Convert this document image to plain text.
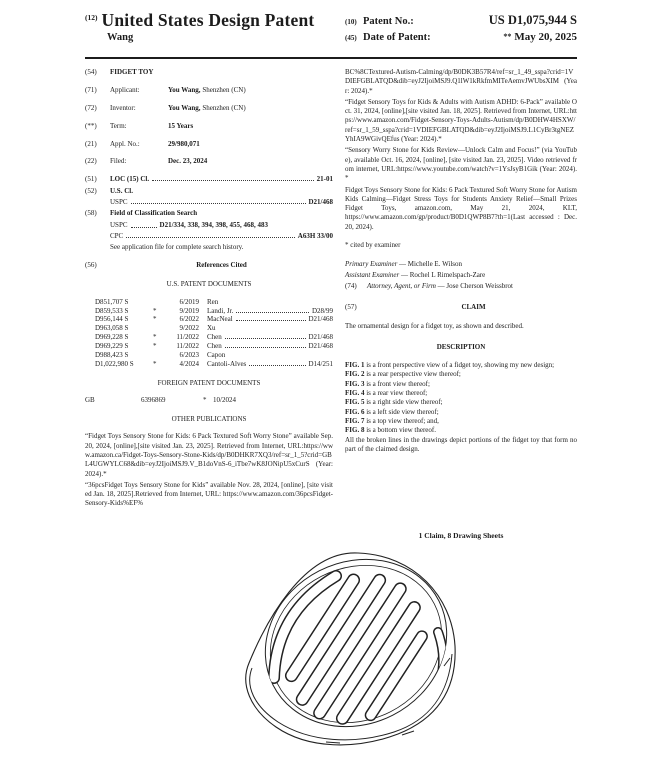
$^{(12)}$ United States Design Patent
Wang
(10) Patent No.:	US D1,075,944 S
(45) Date of Patent:	** May 20, 2025
(54)	FIDGET TOY
(71)	Applicant:	You Wang, Shenzhen (CN)
(72)	Inventor:	You Wang, Shenzhen (CN)
(**)	Term:	15 Years
(21)	Appl. No.:	29/980,071
(22)	Filed:	Dec. 23, 2024
(51)	LOC (15) Cl.	21-01
(52)	U.S. Cl.
USPC	D21/468
(58)	Field of Classification Search
USPC	D21/334, 338, 394, 398, 455, 468, 483
CPC	A63H 33/00
See application file for complete search history.
(56)	References Cited
U.S. PATENT DOCUMENTS
D851,707 S	6/2019 Ren
D859,533 S	*	9/2019 Landi, Jr.	D28/99
D956,144 S	*	6/2022 MacNeal	D21/468
D963,058 S	9/2022 Xu
D969,228 S	*	11/2022 Chen	D21/468
D969,229 S	*	11/2022 Chen	D21/468
D988,423 S	6/2023 Capon
D1,022,980 S	*	4/2024 Cantoli-Alves	D14/251
FOREIGN PATENT DOCUMENTS
GB	6396869	* 10/2024
OTHER PUBLICATIONS
“Fidget Toys Sensory Stone for Kids: 6 Pack Textured Soft Worry Stone” available Sep. 20, 2024, [online],[site visited Jan. 23, 2025]. Retrieved from Internet, URL:https://www.amazon.ca/Fidget-Toys-Sensory-Stone-Kids/dp/B0DHKR7XQ3/ref=sr_1_5?crid=GBL4UGWYLC68&dib=eyJ2IjoiMSJ9.V_B1doVnS-6_iTbe7wK8JONipU5xCurS (Year: 2024).*
“36pcsFidget Toys Sensory Stone for Kids” available Nov. 28, 2024, [online], [site visited Jan. 18, 2025].Retrieved from Internet, URL: https://www.amazon.com/36pcsFidget-Sensory-Kids%EF%
BC%8CTextured-Autism-Calming/dp/B0DK3B57R4/ref=sr_1_49_sspa?crid=1VDIEFGBLATQD&dib=eyJ2IjoiMSJ9.Q1lW1kRkfmMITeAemvJWUbsXIM (Year: 2024).*
“Fidget Sensory Toys for Kids & Adults with Autism ADHD: 6-Pack” available Oct. 31, 2024, [online],[site visited Jan. 18, 2025]. Retrieved from Internet, URL:https://www.amazon.com/Fidget-Sensory-Toys-Adults-Autism/dp/B0DHW4HSXW/ref=sr_1_59_sspa?crid=1VDIEFGBLATQD&dib=eyJ2IjoiMSJ9.L1CyBr3tgNEZYhIA9WGivQEfus (Year: 2024).*
“Sensory Worry Stone for Kids Review—Unlock Calm and Focus!” (via YouTube), available Oct. 16, 2024, [online], [site visited Jan. 23, 2025]. Video retrieved from internet, URL:https://www.youtube.com/watch?v=1YsJsyB1Gik (Year: 2024).*
Fidget Toys Sensory Stone for Kids: 6 Pack Textured Soft Worry Stone for Autism Kids Calming—Fidget Stress Toys for Students Anxiety Relief—Small Prizes Fidget Toys, amazon.com, May 21, 2024, KLT, https://www.amazon.com/gp/product/B0D1QWP8B7?th=1(Last accessed : Dec. 20, 2024).
* cited by examiner
Primary Examiner
— Michelle E. Wilson
Assistant Examiner
— Rochel L Rimelspach-Zare
(74)	Attorney, Agent, or Firm — Jose Cherson Weissbrot
(57)	CLAIM
The ornamental design for a fidget toy, as shown and described.
DESCRIPTION
FIG. 1 is a front perspective view of a fidget toy, showing my new design;
FIG. 2 is a rear perspective view thereof;
FIG. 3 is a front view thereof;
FIG. 4 is a rear view thereof;
FIG. 5 is a right side view thereof;
FIG. 6 is a left side view thereof;
FIG. 7 is a top view thereof; and,
FIG. 8 is a bottom view thereof.
All the broken lines in the drawings depict portions of the fidget toy that form no part of the claimed design.
1 Claim, 8 Drawing Sheets
